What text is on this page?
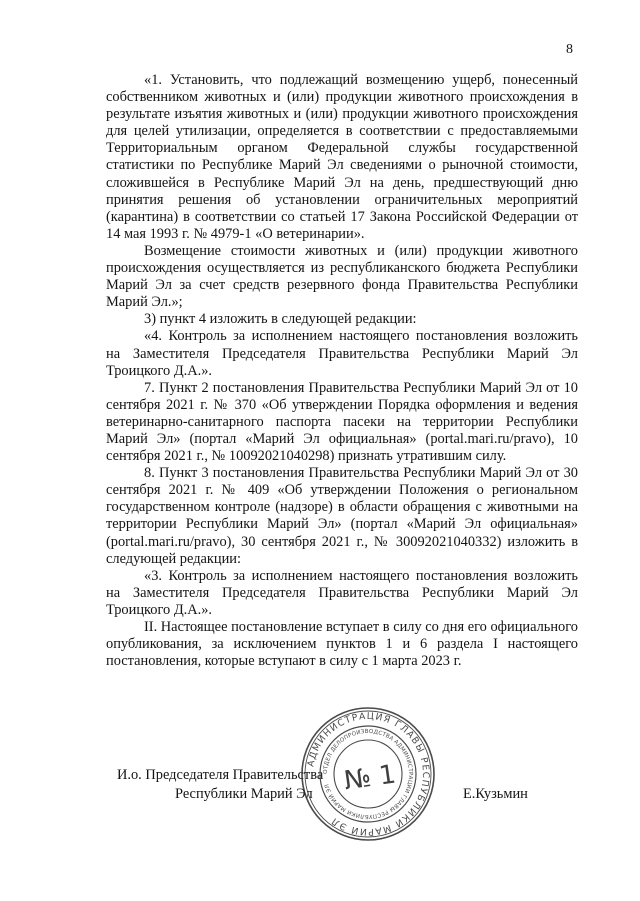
8

«1. Установить, что подлежащий возмещению ущерб, понесенный собственником животных и (или) продукции животного происхождения в результате изъятия животных и (или) продукции животного происхождения для целей утилизации, определяется в соответствии с предоставляемыми Территориальным органом Федеральной службы государственной статистики по Республике Марий Эл сведениями о рыночной стоимости, сложившейся в Республике Марий Эл на день, предшествующий дню принятия решения об установлении ограничительных мероприятий (карантина) в соответствии со статьей 17 Закона Российской Федерации от 14 мая 1993 г. № 4979-1 «О ветеринарии».

Возмещение стоимости животных и (или) продукции животного происхождения осуществляется из республиканского бюджета Республики Марий Эл за счет средств резервного фонда Правительства Республики Марий Эл.»;

3) пункт 4 изложить в следующей редакции:

«4. Контроль за исполнением настоящего постановления возложить на Заместителя Председателя Правительства Республики Марий Эл Троицкого Д.А.».

7. Пункт 2 постановления Правительства Республики Марий Эл от 10 сентября 2021 г. № 370 «Об утверждении Порядка оформления и ведения ветеринарно-санитарного паспорта пасеки на территории Республики Марий Эл» (портал «Марий Эл официальная» (portal.mari.ru/pravo), 10 сентября 2021 г., № 10092021040298) признать утратившим силу.

8. Пункт 3 постановления Правительства Республики Марий Эл от 30 сентября 2021 г. № 409 «Об утверждении Положения о региональном государственном контроле (надзоре) в области обращения с животными на территории Республики Марий Эл» (портал «Марий Эл официальная» (portal.mari.ru/pravo), 30 сентября 2021 г., № 30092021040332) изложить в следующей редакции:

«3. Контроль за исполнением настоящего постановления возложить на Заместителя Председателя Правительства Республики Марий Эл Троицкого Д.А.».

II. Настоящее постановление вступает в силу со дня его официального опубликования, за исключением пунктов 1 и 6 раздела I настоящего постановления, которые вступают в силу с 1 марта 2023 г.

И.о. Председателя Правительства
Республики Марий Эл	Е.Кузьмин
АДМИНИСТРАЦИЯ ГЛАВЫ РЕСПУБЛИКИ МАРИЙ ЭЛ
ОТДЕЛ ДЕЛОПРОИЗВОДСТВА АДМИНИСТРАЦИИ ГЛАВЫ РЕСПУБЛИКИ МАРИЙ ЭЛ № 1
